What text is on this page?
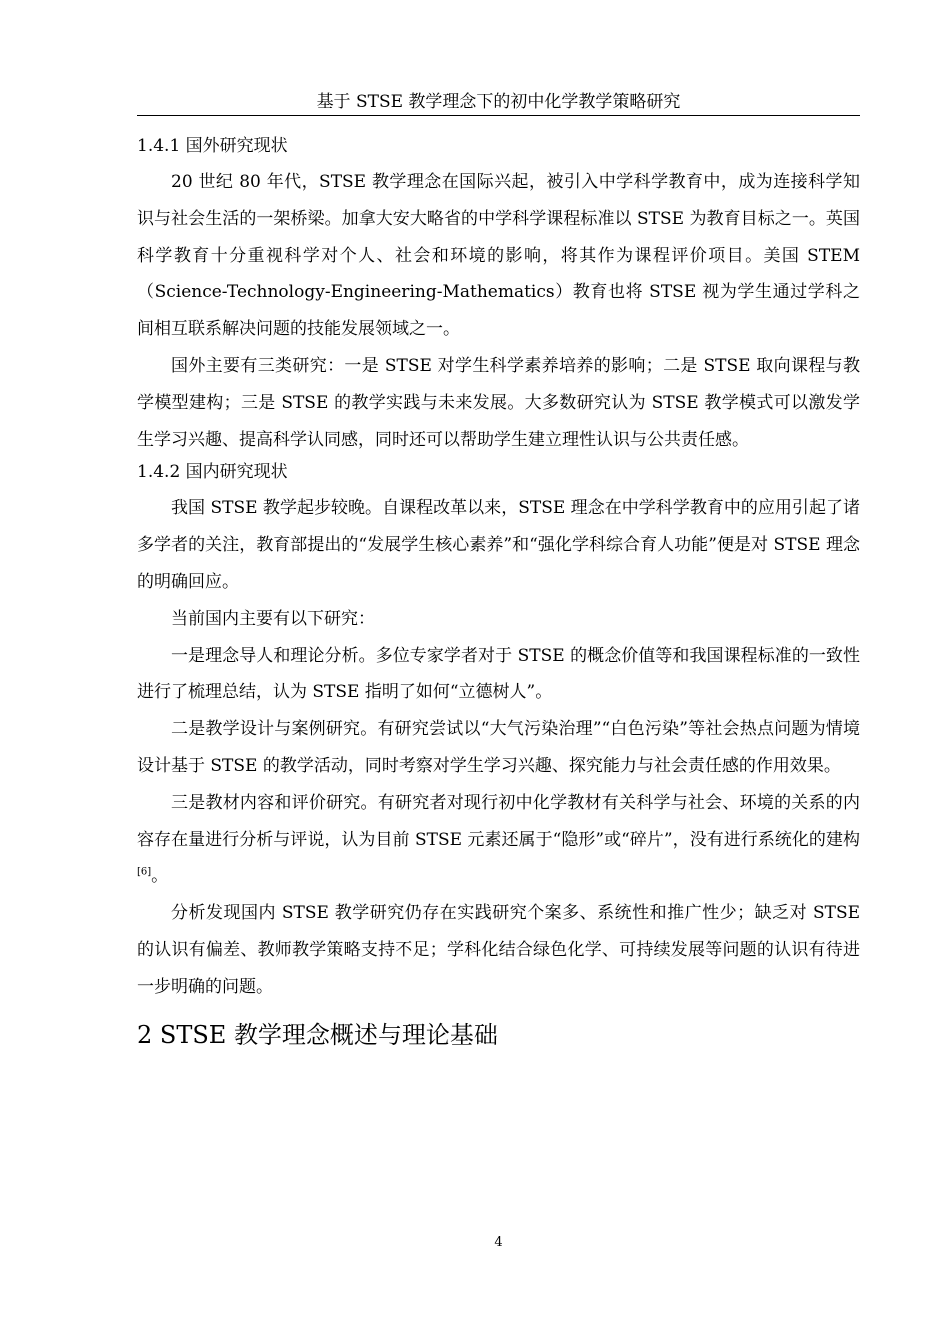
基于 STSE 教学理念下的初中化学教学策略研究
1.4.1 国外研究现状

20 世纪 80 年代，STSE 教学理念在国际兴起，被引入中学科学教育中，成为连接科学知识与社会生活的一架桥梁。加拿大安大略省的中学科学课程标准以 STSE 为教育目标之一。英国科学教育十分重视科学对个人、社会和环境的影响，将其作为课程评价项目。美国 STEM（Science-Technology-Engineering-Mathematics）教育也将 STSE 视为学生通过学科之间相互联系解决问题的技能发展领域之一。

国外主要有三类研究：一是 STSE 对学生科学素养培养的影响；二是 STSE 取向课程与教学模型建构；三是 STSE 的教学实践与未来发展。大多数研究认为 STSE 教学模式可以激发学生学习兴趣、提高科学认同感，同时还可以帮助学生建立理性认识与公共责任感。

1.4.2 国内研究现状

我国 STSE 教学起步较晚。自课程改革以来，STSE 理念在中学科学教育中的应用引起了诸多学者的关注，教育部提出的“发展学生核心素养”和“强化学科综合育人功能”便是对 STSE 理念的明确回应。

当前国内主要有以下研究：

一是理念导人和理论分析。多位专家学者对于 STSE 的概念价值等和我国课程标准的一致性进行了梳理总结，认为 STSE 指明了如何“立德树人”。

二是教学设计与案例研究。有研究尝试以“大气污染治理”“白色污染”等社会热点问题为情境设计基于 STSE 的教学活动，同时考察对学生学习兴趣、探究能力与社会责任感的作用效果。

三是教材内容和评价研究。有研究者对现行初中化学教材有关科学与社会、环境的关系的内容存在量进行分析与评说，认为目前 STSE 元素还属于“隐形”或“碎片”，没有进行系统化的建构[6]。

分析发现国内 STSE 教学研究仍存在实践研究个案多、系统性和推广性少；缺乏对 STSE 的认识有偏差、教师教学策略支持不足；学科化结合绿色化学、可持续发展等问题的认识有待进一步明确的问题。

2 STSE 教学理念概述与理论基础
4
